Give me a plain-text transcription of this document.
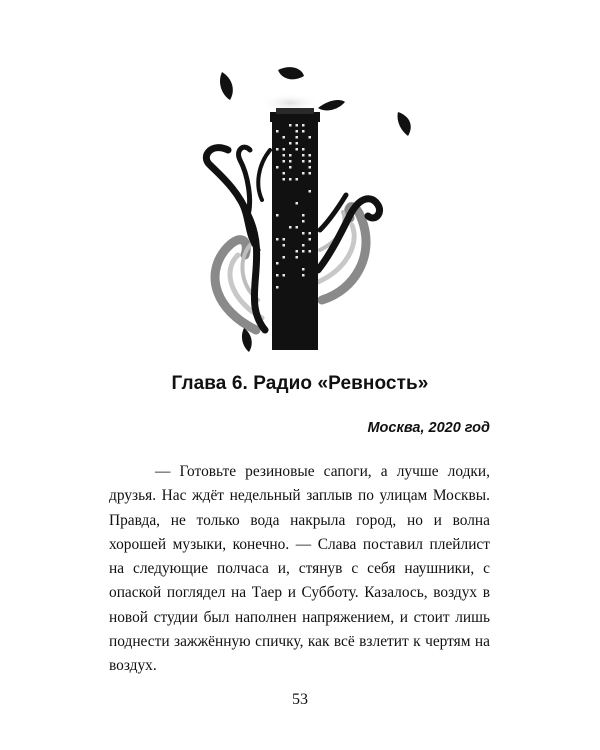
Глава 6. Радио «Ревность»
Москва, 2020 год

— Готовьте резиновые сапоги, а лучше лодки, друзья. Нас ждёт недельный заплыв по улицам Москвы. Правда, не только вода накрыла город, но и волна хорошей музыки, конечно. — Слава поставил плейлист на следующие полчаса и, стянув с себя наушники, с опаской поглядел на Таер и Субботу. Казалось, воздух в новой студии был наполнен напряжением, и стоит лишь поднести зажжённую спичку, как всё взлетит к чертям на воздух.

53
